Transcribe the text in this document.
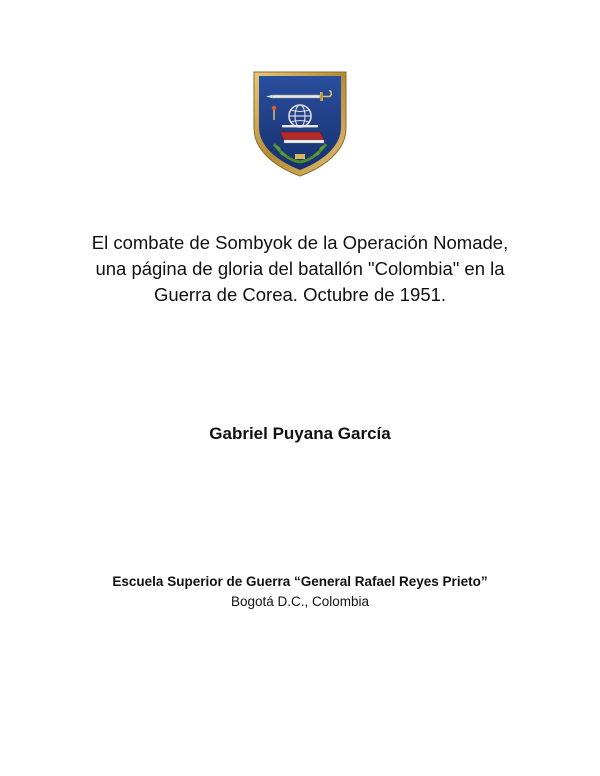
El combate de Sombyok de la Operación Nomade,
una página de gloria del batallón "Colombia" en la
Guerra de Corea. Octubre de 1951.
Gabriel Puyana García
Escuela Superior de Guerra “General Rafael Reyes Prieto”
Bogotá D.C., Colombia
